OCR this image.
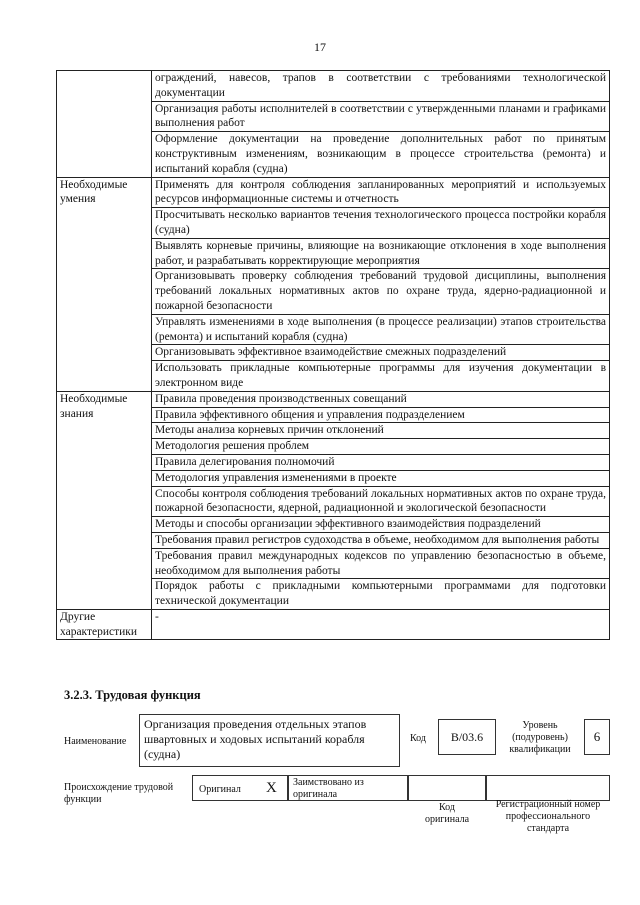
17
	ограждений, навесов, трапов в соответствии с требованиями технологической документации
	Организация работы исполнителей в соответствии с утвержденными планами и графиками выполнения работ
	Оформление документации на проведение дополнительных работ по принятым конструктивным изменениям, возникающим в процессе строительства (ремонта) и испытаний корабля (судна)
Необходимые умения	Применять для контроля соблюдения запланированных мероприятий и используемых ресурсов информационные системы и отчетность
	Просчитывать несколько вариантов течения технологического процесса постройки корабля (судна)
	Выявлять корневые причины, влияющие на возникающие отклонения в ходе выполнения работ, и разрабатывать корректирующие мероприятия
	Организовывать проверку соблюдения требований трудовой дисциплины, выполнения требований локальных нормативных актов по охране труда, ядерно-радиационной и пожарной безопасности
	Управлять изменениями в ходе выполнения (в процессе реализации) этапов строительства (ремонта) и испытаний корабля (судна)
	Организовывать эффективное взаимодействие смежных подразделений
	Использовать прикладные компьютерные программы для изучения документации в электронном виде
Необходимые знания	Правила проведения производственных совещаний
	Правила эффективного общения и управления подразделением
	Методы анализа корневых причин отклонений
	Методология решения проблем
	Правила делегирования полномочий
	Методология управления изменениями в проекте
	Способы контроля соблюдения требований локальных нормативных актов по охране труда, пожарной безопасности, ядерной, радиационной и экологической безопасности
	Методы и способы организации эффективного взаимодействия подразделений
	Требования правил регистров судоходства в объеме, необходимом для выполнения работы
	Требования правил международных кодексов по управлению безопасностью в объеме, необходимом для выполнения работы
	Порядок работы с прикладными компьютерными программами для подготовки технической документации
Другие характеристики	-
3.2.3. Трудовая функция
Наименование
Организация проведения отдельных этапов швартовных и ходовых испытаний корабля (судна)
Код	B/03.6
Уровень (подуровень) квалификации
6
Происхождение трудовой функции
Оригинал X Заимствовано из оригинала
Код оригинала
Регистрационный номер профессионального стандарта
